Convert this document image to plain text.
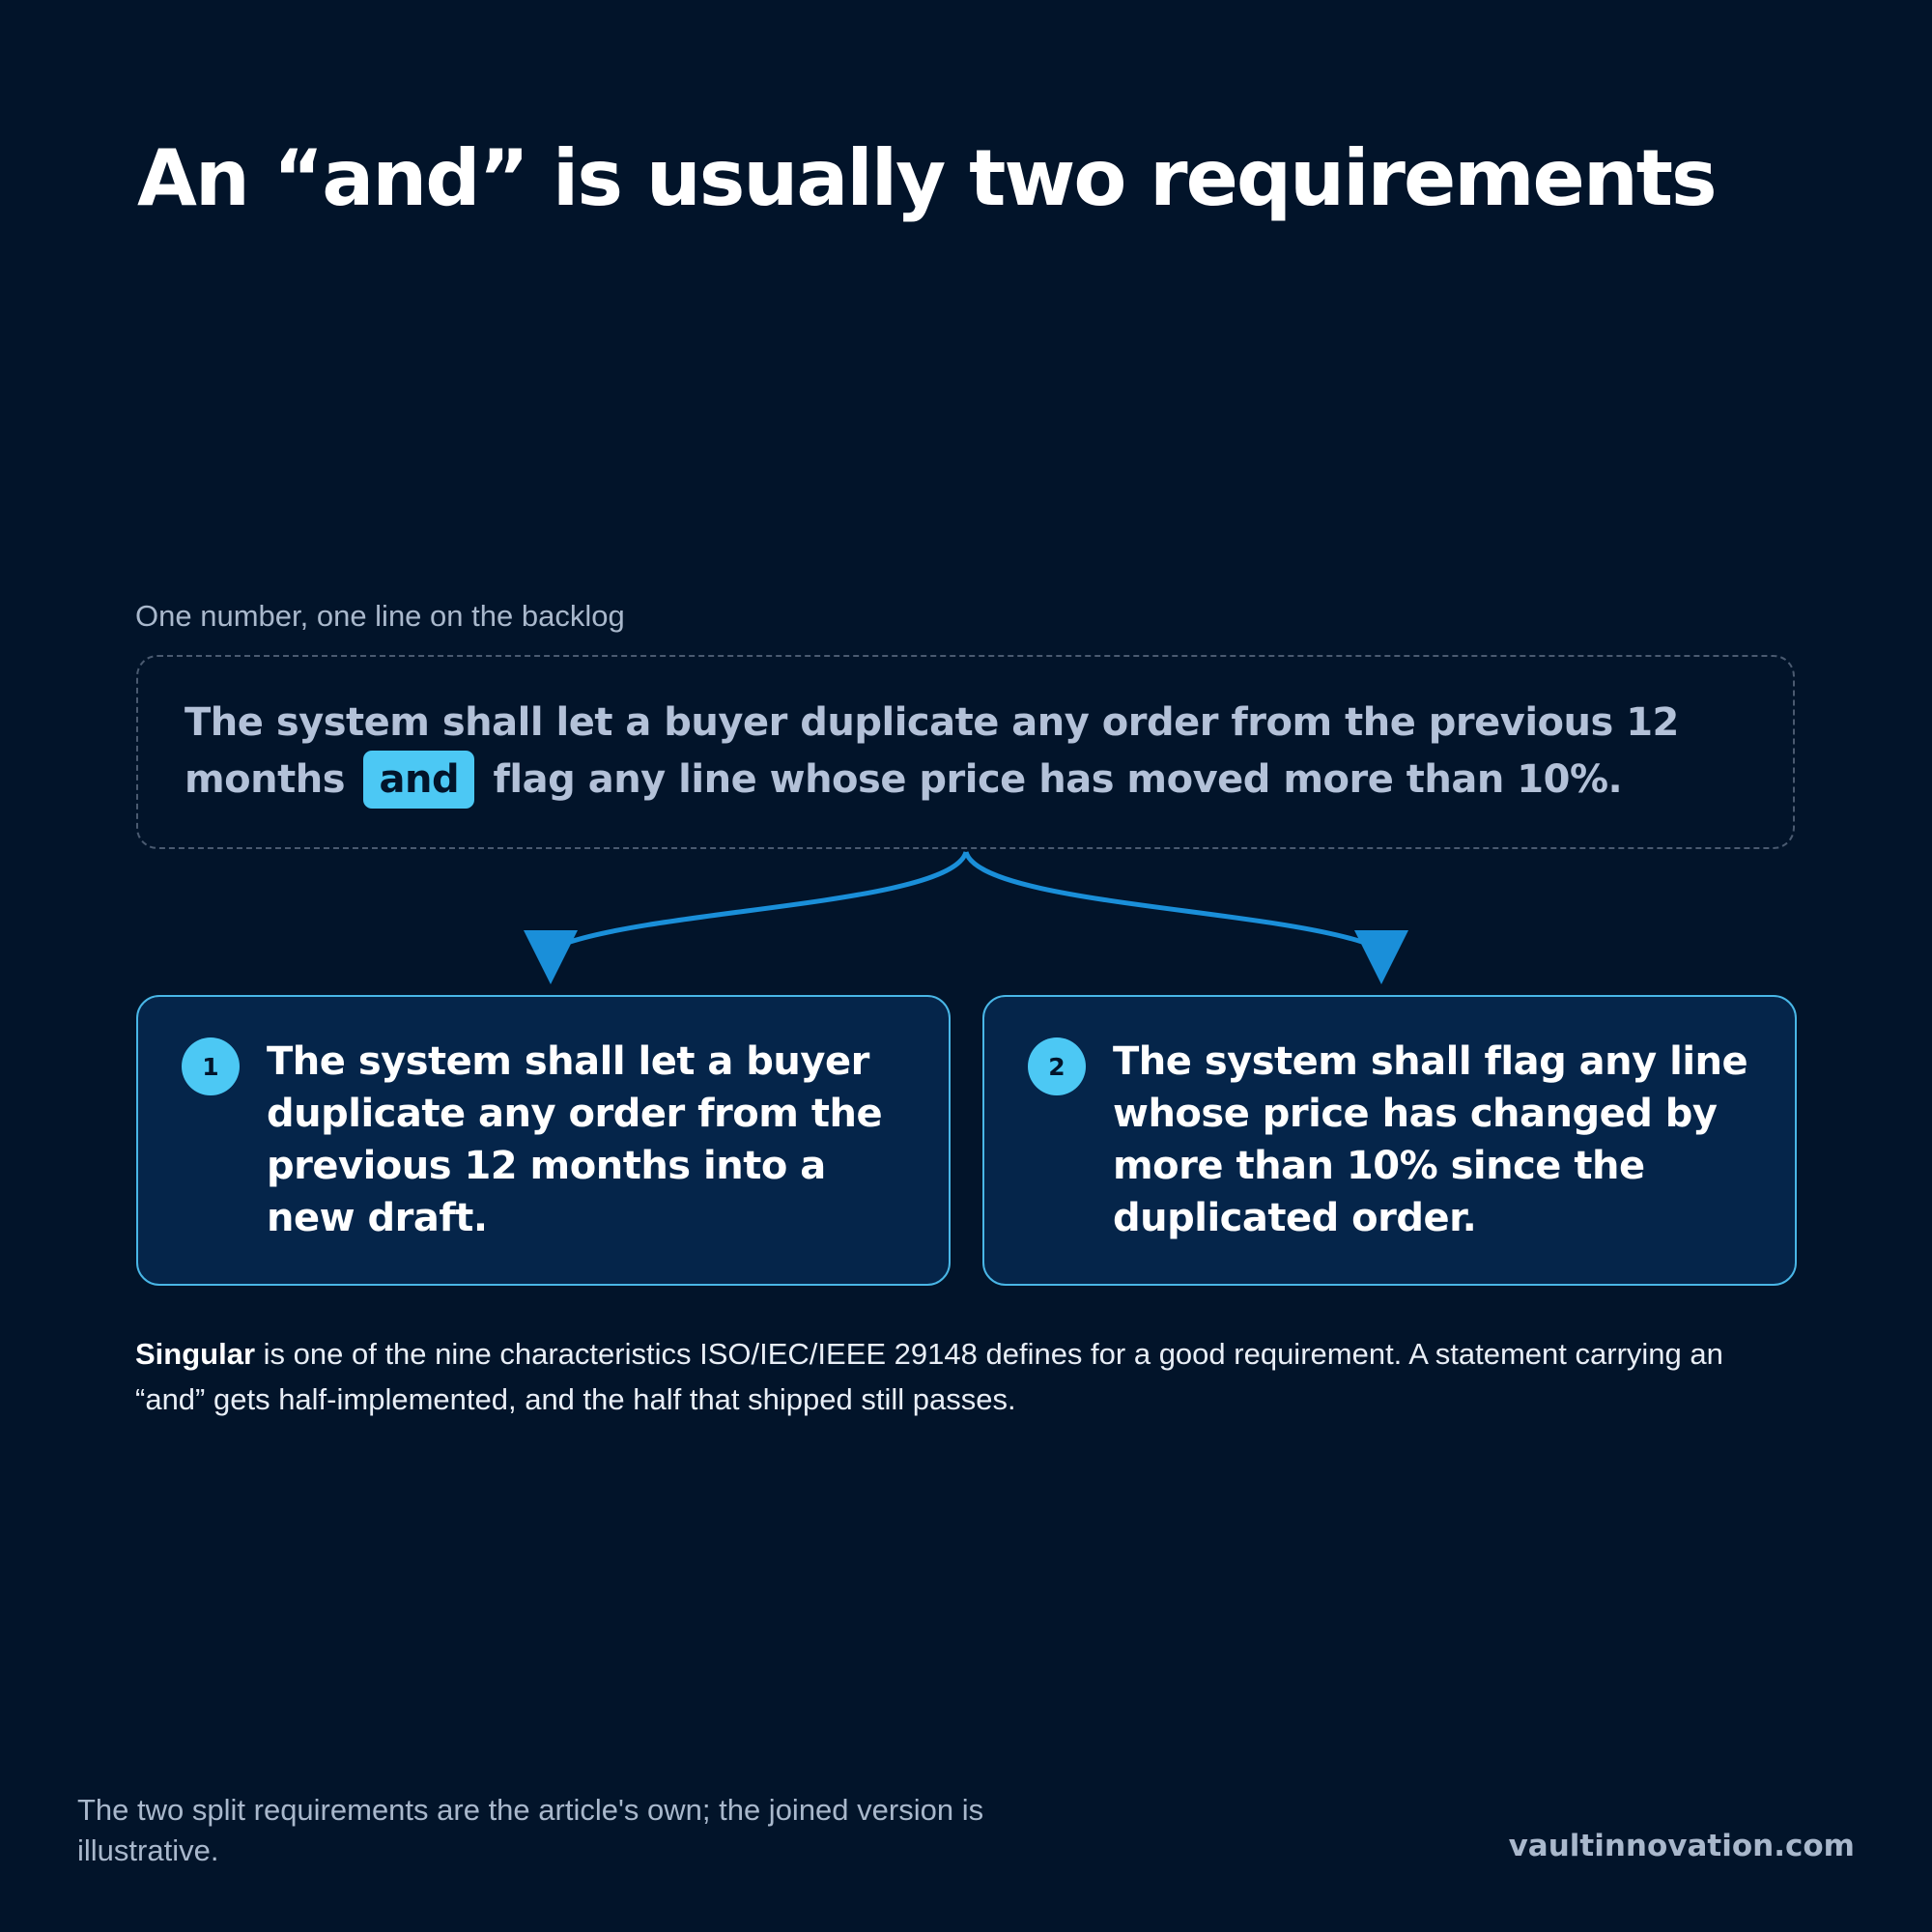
An “and” is usually two requirements
One number, one line on the backlog
The system shall let a buyer duplicate any order from the previous 12 months and flag any line whose price has moved more than 10%.
1	The system shall let a buyer duplicate any order from the previous 12 months into a new draft.
2	The system shall flag any line whose price has changed by more than 10% since the duplicated order.
Singular is one of the nine characteristics ISO/IEC/IEEE 29148 defines for a good requirement. A statement carrying an “and” gets half-implemented, and the half that shipped still passes.
The two split requirements are the article's own; the joined version is illustrative.	vaultinnovation.com
